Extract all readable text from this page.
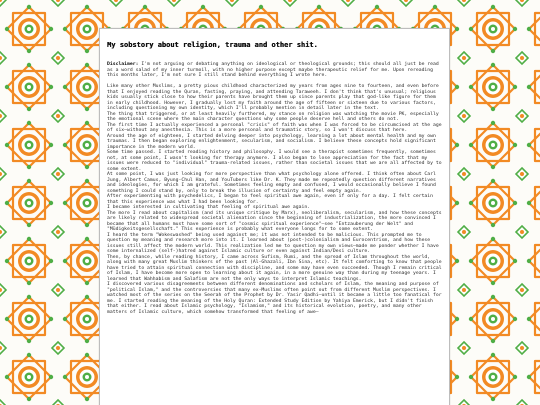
My sobstory about religion, trauma and other shit.

Disclaimer: I'm not arguing or debating anything on ideological or theological grounds; this should all just be read as a word salad of my inner turmoil, with no higher purpose except maybe therapeutic relief for me. Upon rereading this months later, I'm not sure I still stand behind everything I wrote here.

Like many other Muslims, a pretty pious childhood characterized my years from ages nine to fourteen, and even before that I enjoyed reading the Quran, fasting, praying, and attending Taraweeh. I don't think that's unusual; religious kids usually stick close to how their parents have brought them up since parents play that god-like figure for them in early childhood. However, I gradually lost my faith around the age of fifteen or sixteen due to various factors, including questioning my own identity, which I'll probably mention in detail later in the text.

The thing that triggered, or at least heavily furthered, my stance on religion was watching the movie PK, especially the emotional scene where the main character questions why some people deserve hell and others do not.

The first time I actually experienced a personal "crisis" of faith was when I was forced to be circumcised at the age of six—without any anesthesia. This is a more personal and traumatic story, so I won't discuss that here.

Around the age of eighteen, I started delving deeper into psychology, learning a lot about mental health and my own traumas. I then began exploring enlightenment, secularism, and socialism. I believe these concepts hold significant importance in the modern world.

Some time passed. I started reading history and philosophy. I would see a therapist sometimes frequently, sometimes not, at some point, I wasn't looking for therapy anymore. I also began to lose appreciation for the fact that my issues were reduced to "individual" trauma-related issues, rather than societal issues that we are all affected by to some extent.

At some point, I was just looking for more perspective than what psychology alone offered. I think often about Carl Jung, Albert Camus, Byung-Chul Han, and YouTubers like Dr. K. They made me repeatedly question different narratives and ideologies, for which I am grateful. Sometimes feeling empty and confused, I would occasionally believe I found something I could stand by, only to break the illusion of certainty and feel empty again.

After experimenting with psychedelics, I began to feel spiritual awe again, even if only for a day. I felt certain that this experience was what I had been looking for.

I became interested in cultivating that feeling of spiritual awe again.

The more I read about capitalism (and its unique critique by Marx), neoliberalism, secularism, and how these concepts are likely related to widespread societal alienation since the beginning of industrialization, the more convinced I became that all humans must have some sort of "cosmic spiritual experience"—see "Entzauberung der Welt" and "Müdigkeitsgesellschaft." This experience is probably what everyone longs for to some extent.

I heard the term "Wokeswashed" being used against me; it was not intended to be malicious. This prompted me to question my meaning and research more into it. I learned about (post-)colonialism and Eurocentrism, and how these issues still affect the modern world. This realization led me to question my own views—made me ponder whether I have some internalized (self-)hatred against Islamic culture or even against Indian/Desi culture.

Then, by chance, while reading history, I came across Sufism, Rumi, and the spread of Islam throughout the world, along with many great Muslim thinkers of the past (Al-Ghazali, Ibn Sina, etc). It felt comforting to know that people have tried to attain spiritual connection with discipline, and some may have even succeeded. Though I remain critical of Islam, I have become more open to learning about it again, in a more genuine way than during my teenage years. I learned that Wahhabism and Salafism are not the only ways to interpret Islamic teachings.

I discovered various disagreements between different denominations and scholars of Islam, the meaning and purpose of "political Islam," and the controversies that many ex-Muslims often point out from different Muslim perspectives. I watched most of the series on the Seerah of the Prophet by Dr. Yasir Qadhi—until it became a little too fanatical for me. I started reading the meaning of the Holy Quran: Extended Study Edition by Yahiya Emerick, but I didn't finish that either. I read about Islamic psychology, "Islamism," and its historical evolution, poetry, and many other matters of Islamic culture, which somehow transformed that feeling of awe—
